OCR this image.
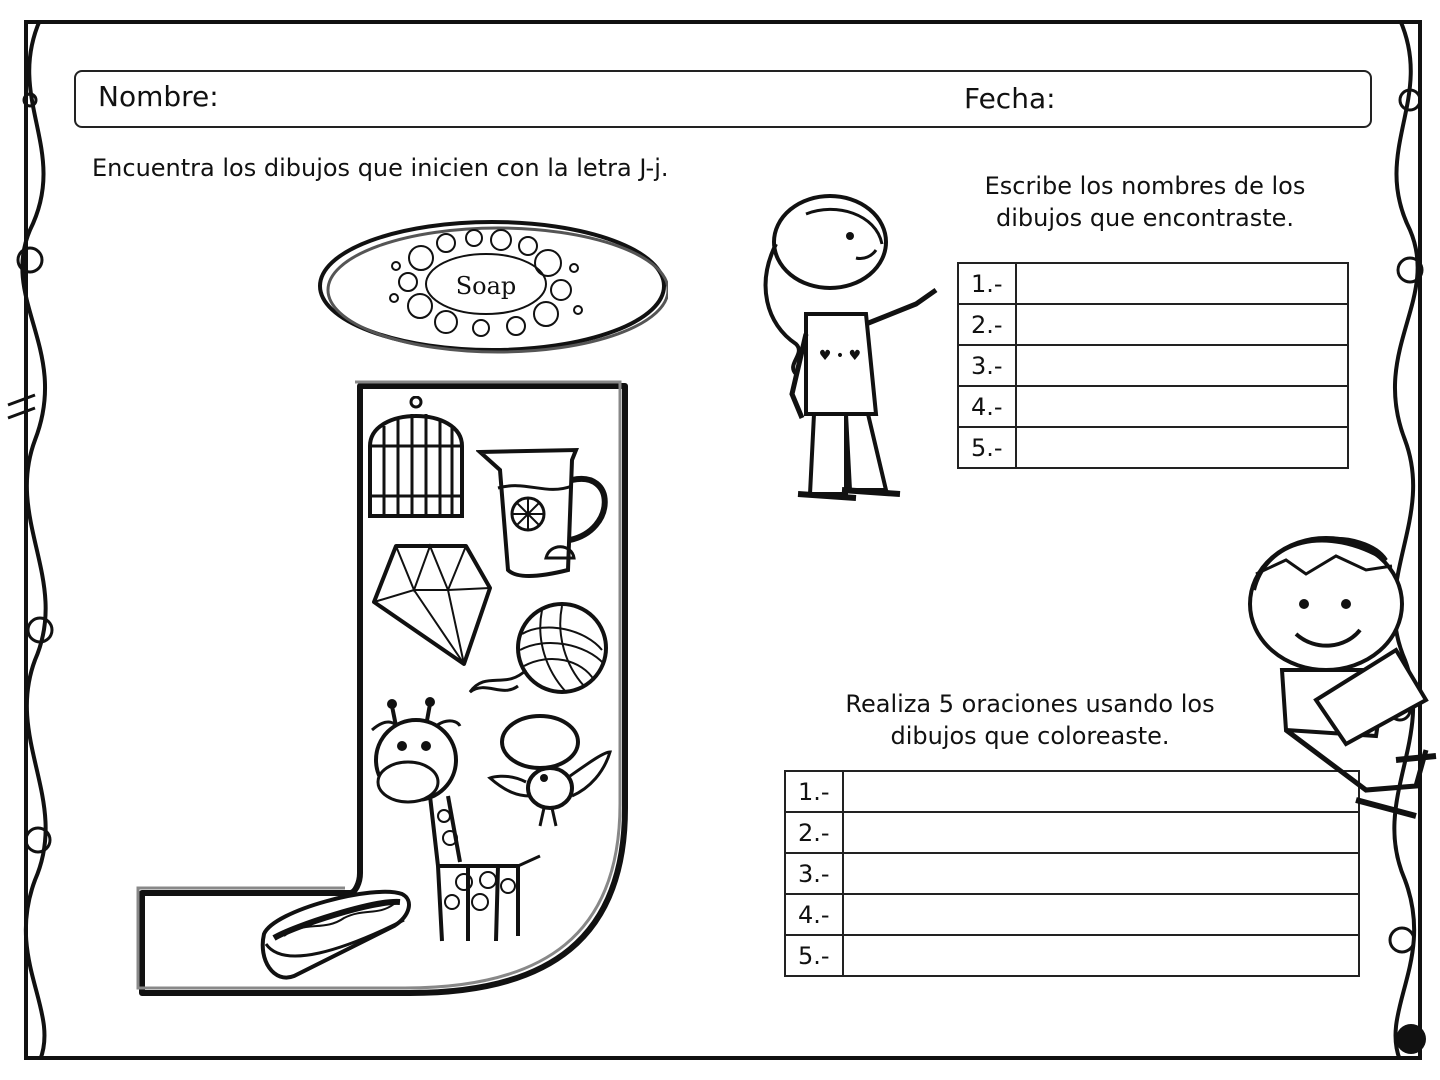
Nombre:	Fecha:
Encuentra los dibujos que inicien con la letra J-j.
Escribe los nombres de los
dibujos que encontraste.
1.-	
2.-	
3.-	
4.-	
5.-	
Realiza 5 oraciones usando los
dibujos que coloreaste.
1.-	
2.-	
3.-	
4.-	
5.-	
Soap
♥ • ♥
